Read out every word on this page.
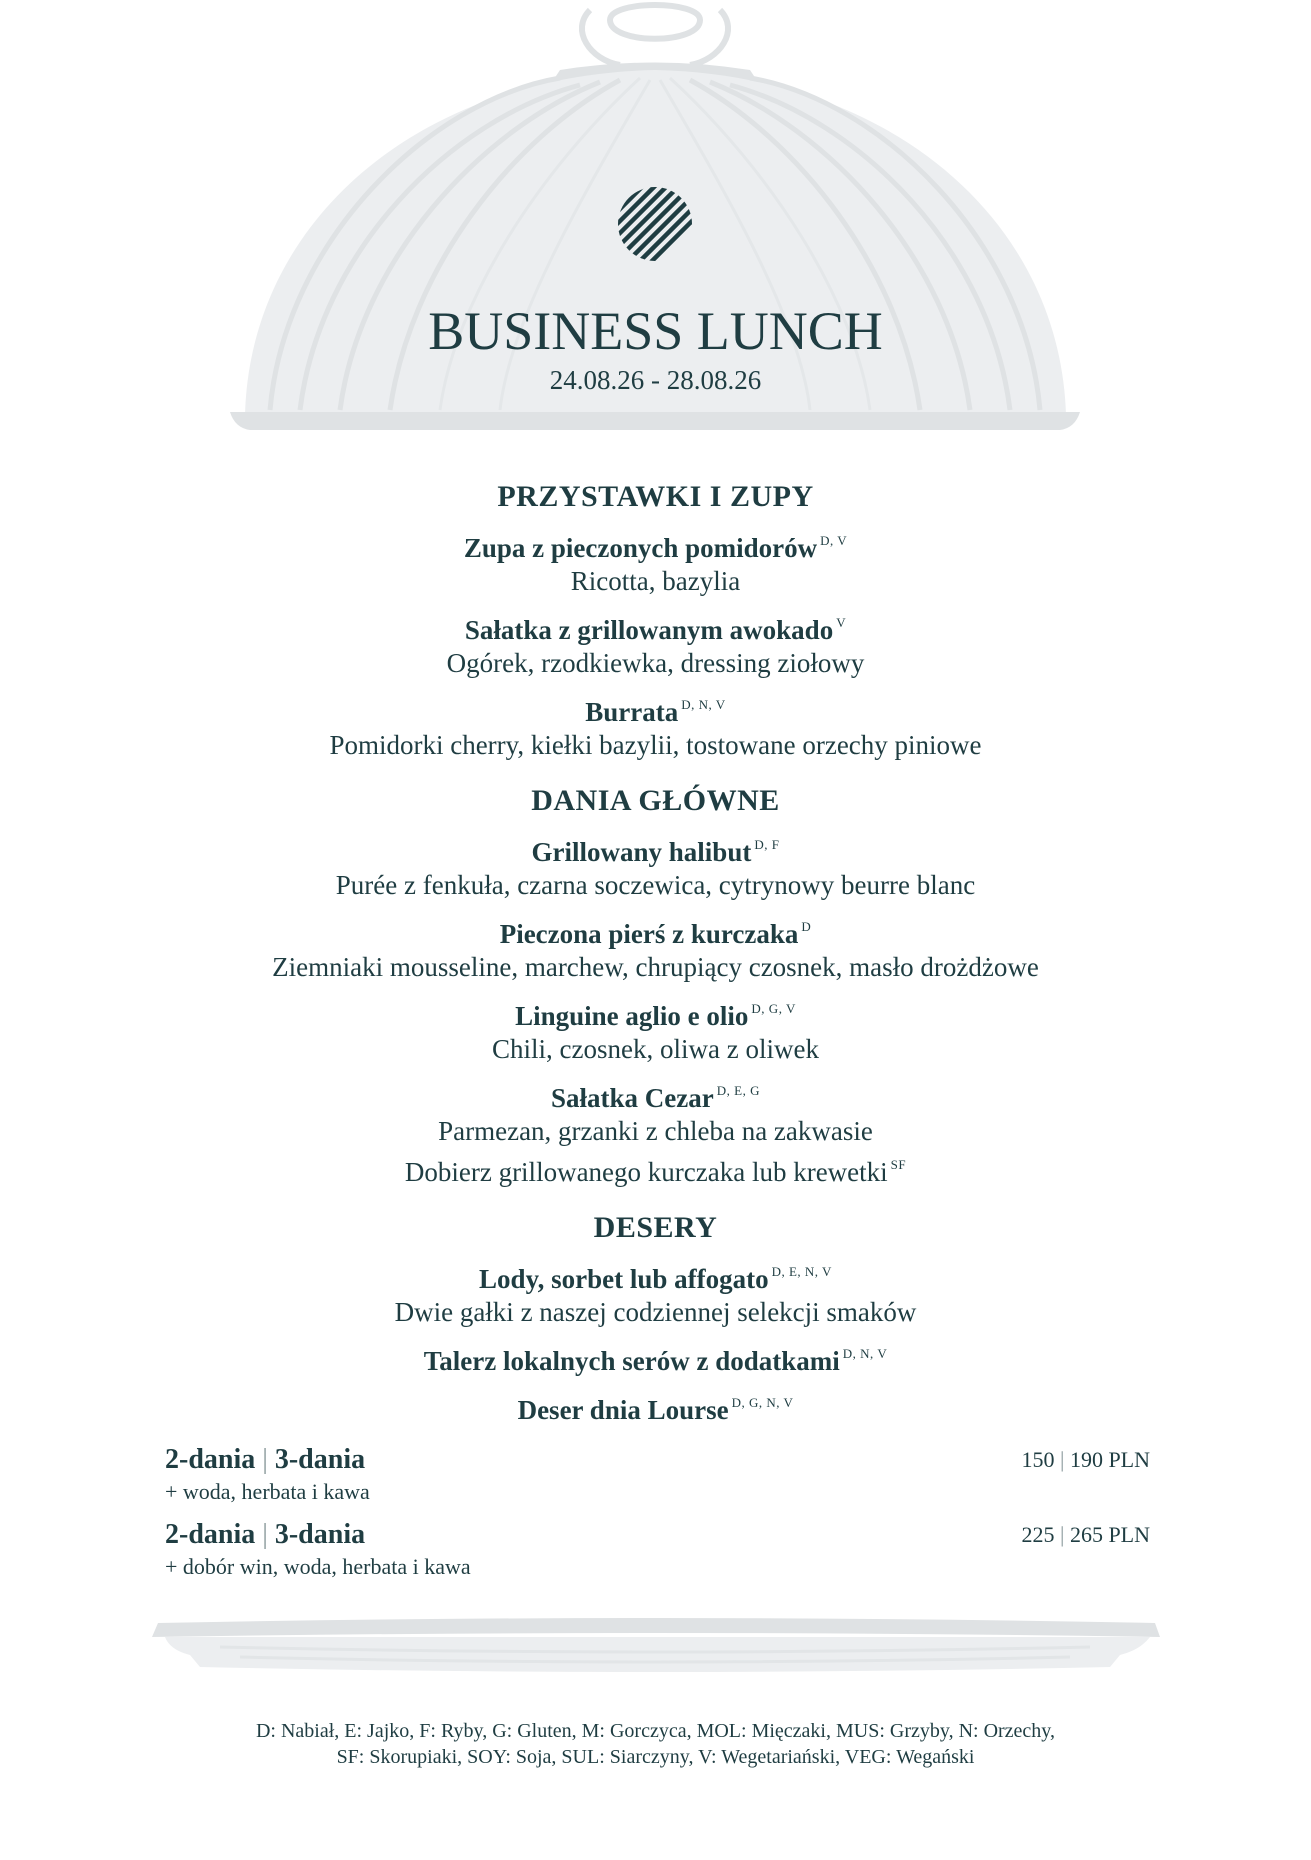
BUSINESS LUNCH
24.08.26 - 28.08.26
PRZYSTAWKI I ZUPY
Zupa z pieczonych pomidorów $^{D, V}$
Ricotta, bazylia
Sałatka z grillowanym awokado $^V$
Ogórek, rzodkiewka, dressing ziołowy
Burrata $^{D, N, V}$
Pomidorki cherry, kiełki bazylii, tostowane orzechy piniowe
DANIA GŁÓWNE
Grillowany halibut $^{D, F}$
Purée z fenkuła, czarna soczewica, cytrynowy beurre blanc
Pieczona pierś z kurczaka $^D$
Ziemniaki mousseline, marchew, chrupiący czosnek, masło drożdżowe
Linguine aglio e olio $^{D, G, V}$
Chili, czosnek, oliwa z oliwek
Sałatka Cezar $^{D, E, G}$
Parmezan, grzanki z chleba na zakwasie
Dobierz grillowanego kurczaka lub krewetki $^{SF}$
DESERY
Lody, sorbet lub affogato $^{D, E, N, V}$
Dwie gałki z naszej codziennej selekcji smaków
Talerz lokalnych serów z dodatkami $^{D, N, V}$
Deser dnia Lourse $^{D, G, N, V}$
2-dania | 3-dania
+ woda, herbata i kawa
150 | 190 PLN
2-dania | 3-dania
+ dobór win, woda, herbata i kawa
225 | 265 PLN
D: Nabiał, E: Jajko, F: Ryby, G: Gluten, M: Gorczyca, MOL: Mięczaki, MUS: Grzyby, N: Orzechy,
SF: Skorupiaki, SOY: Soja, SUL: Siarczyny, V: Wegetariański, VEG: Wegański
